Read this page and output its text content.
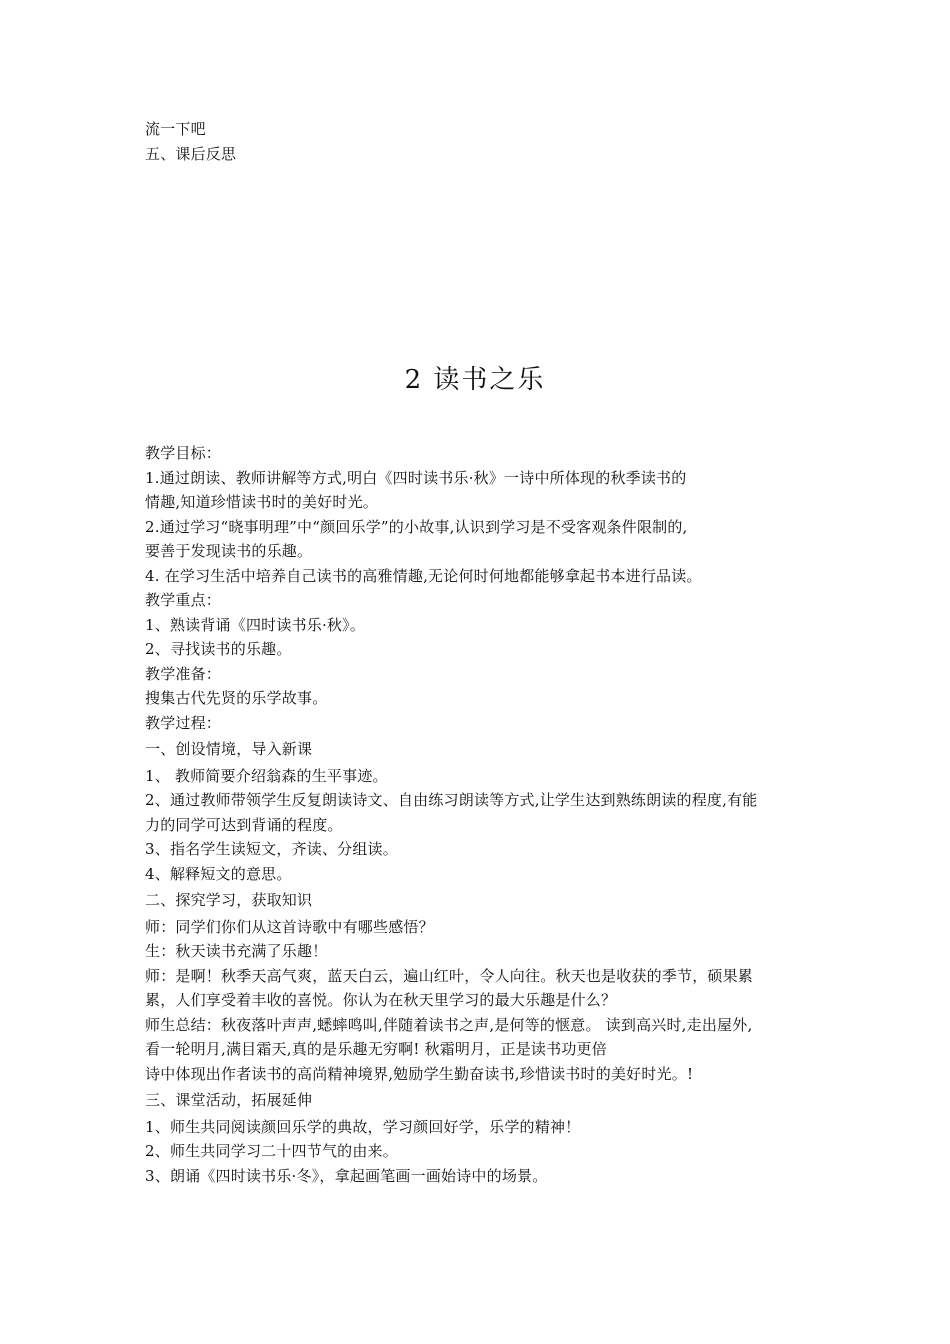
流一下吧
五、课后反思
2 读书之乐
教学目标：
1.通过朗读、教师讲解等方式,明白《四时读书乐·秋》一诗中所体现的秋季读书的
情趣,知道珍惜读书时的美好时光。
2.通过学习“晓事明理”中“颜回乐学”的小故事,认识到学习是不受客观条件限制的,
要善于发现读书的乐趣。
4. 在学习生活中培养自己读书的高雅情趣,无论何时何地都能够拿起书本进行品读。
教学重点：
1、熟读背诵《四时读书乐·秋》。
2、寻找读书的乐趣。
教学准备：
搜集古代先贤的乐学故事。
教学过程：
一、创设情境，导入新课
1、 教师简要介绍翁森的生平事迹。
2、通过教师带领学生反复朗读诗文、自由练习朗读等方式,让学生达到熟练朗读的程度,有能
力的同学可达到背诵的程度。
3、指名学生读短文，齐读、分组读。
4、解释短文的意思。
二、探究学习，获取知识
师：同学们你们从这首诗歌中有哪些感悟？
生：秋天读书充满了乐趣！
师：是啊！秋季天高气爽，蓝天白云，遍山红叶，令人向往。秋天也是收获的季节，硕果累
累，人们享受着丰收的喜悦。你认为在秋天里学习的最大乐趣是什么？
师生总结：秋夜落叶声声,蟋蟀鸣叫,伴随着读书之声,是何等的惬意。 读到高兴时,走出屋外,
看一轮明月,满目霜天,真的是乐趣无穷啊! 秋霜明月，正是读书功更倍
诗中体现出作者读书的高尚精神境界,勉励学生勤奋读书,珍惜读书时的美好时光。!
三、课堂活动，拓展延伸
1、师生共同阅读颜回乐学的典故，学习颜回好学，乐学的精神！
2、师生共同学习二十四节气的由来。
3、朗诵《四时读书乐·冬》，拿起画笔画一画始诗中的场景。
